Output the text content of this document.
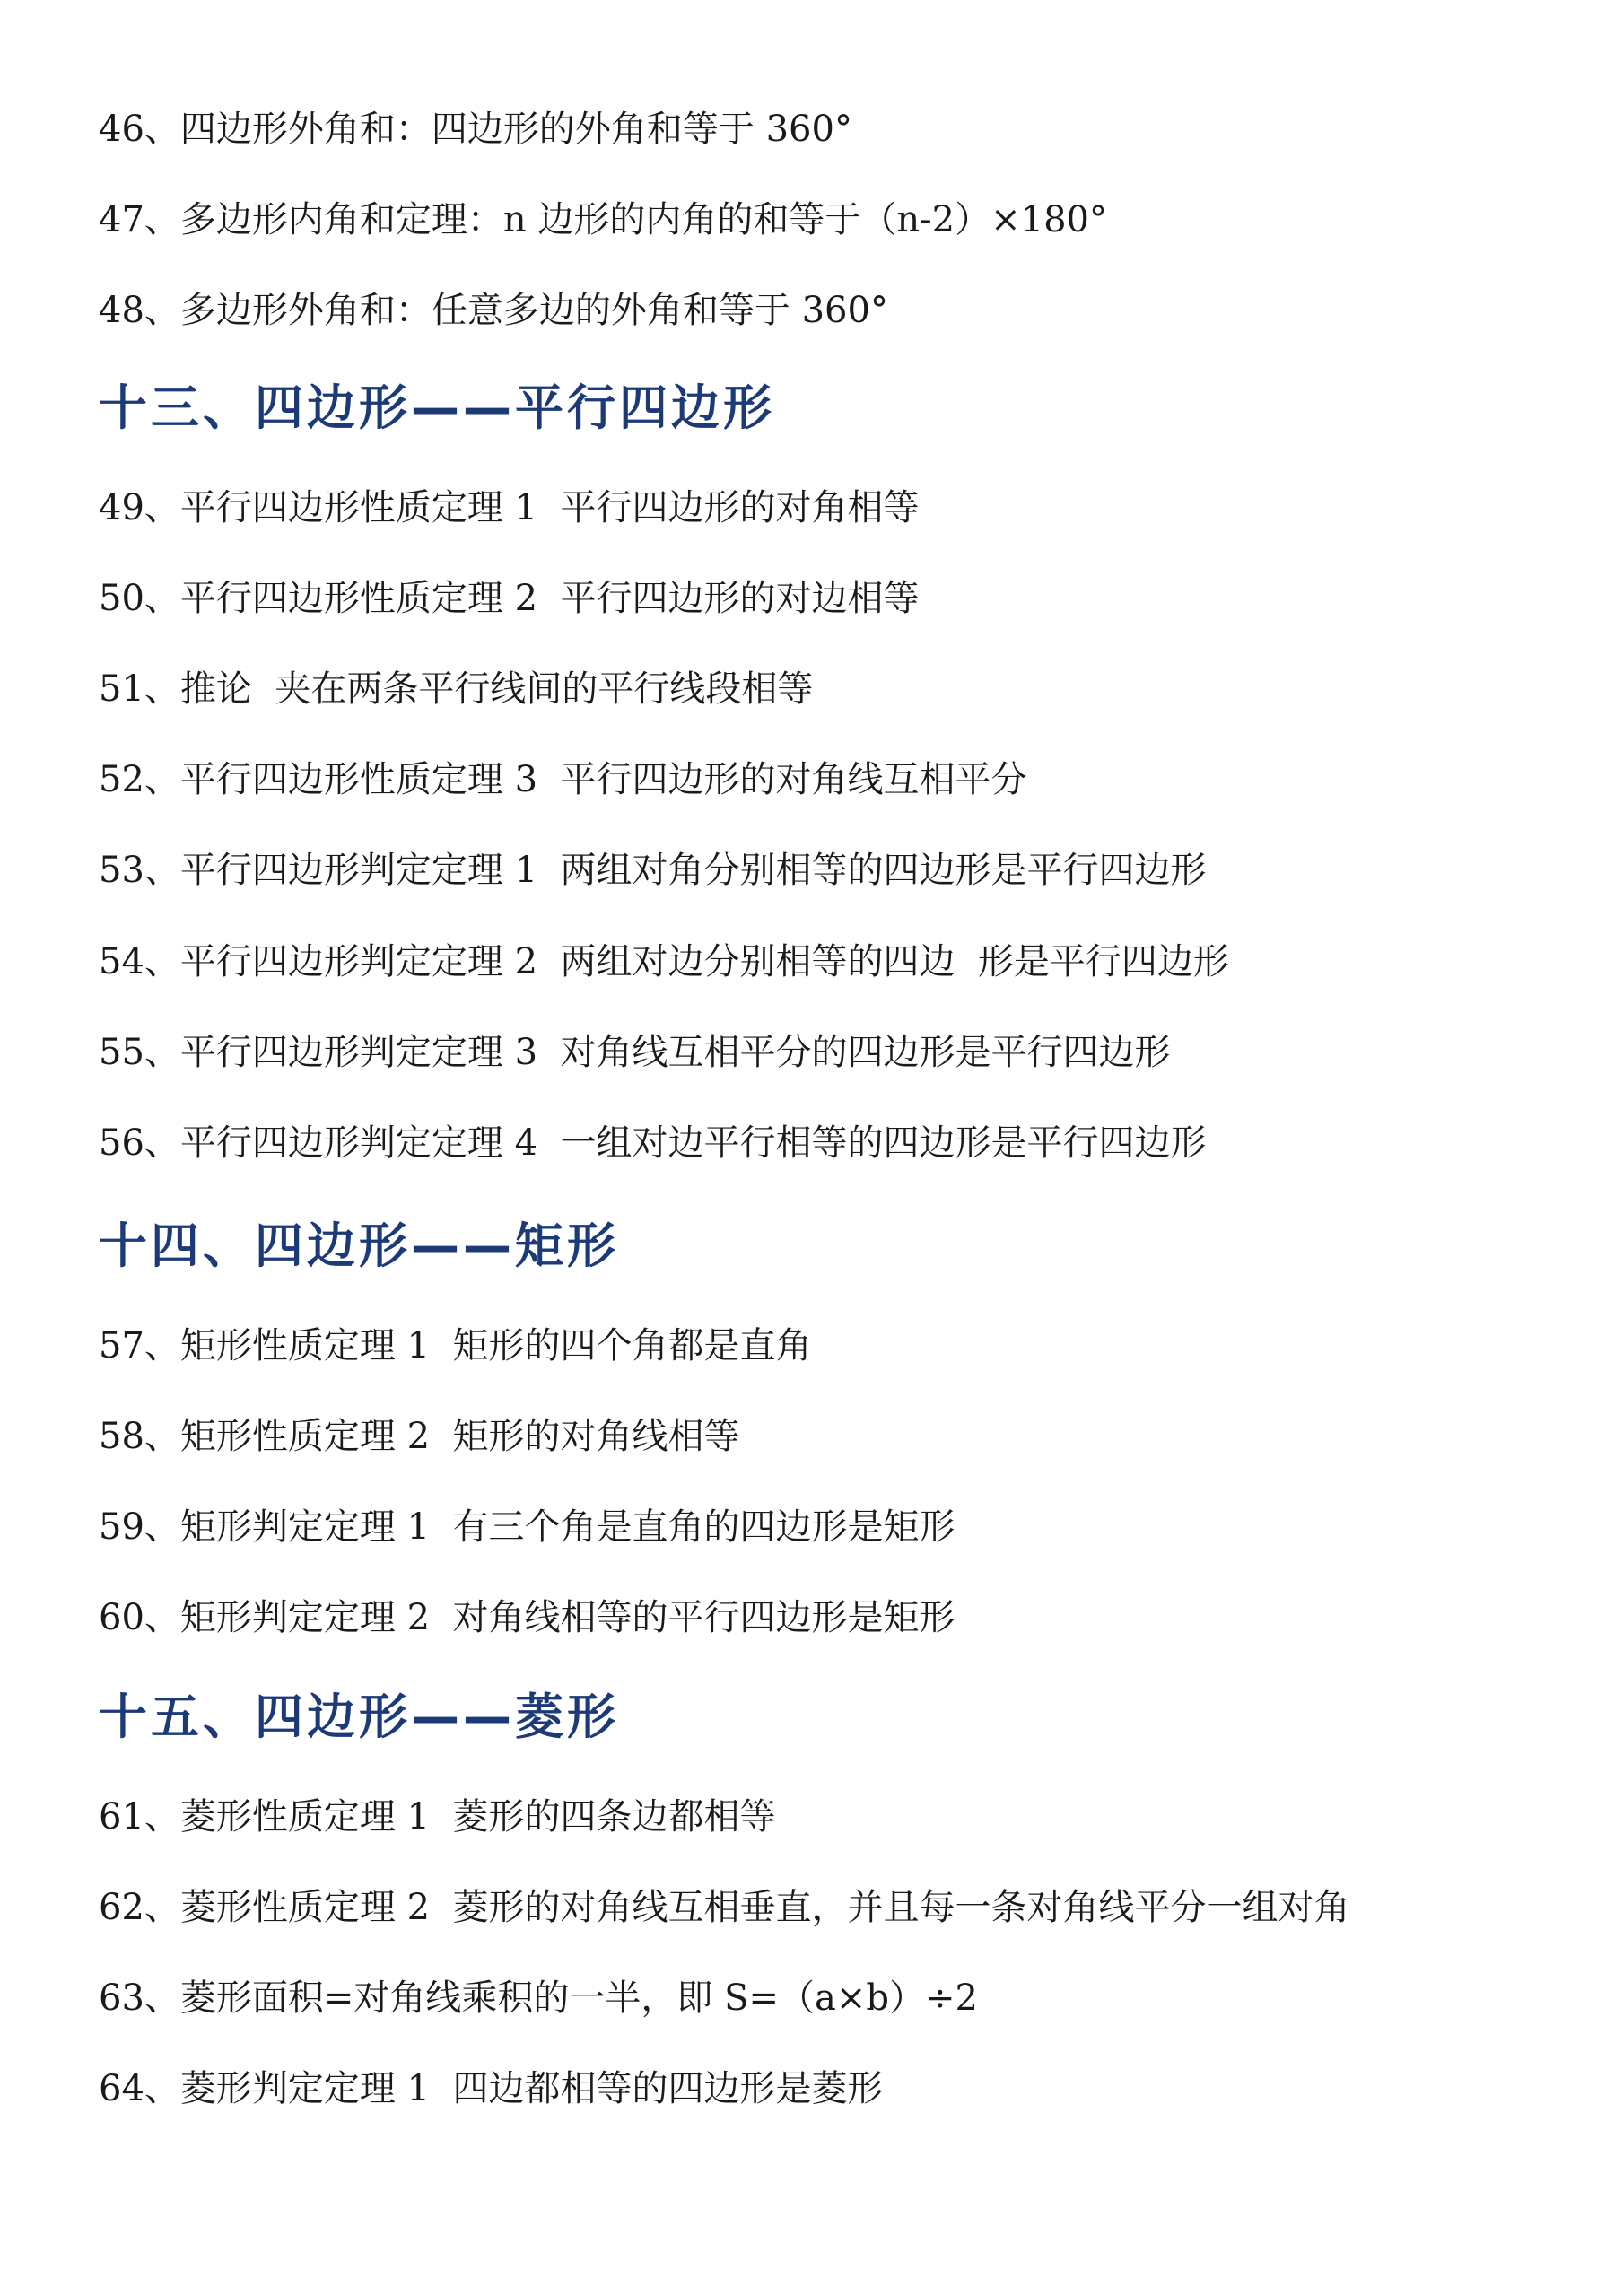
46、四边形外角和：四边形的外角和等于 360°
47、多边形内角和定理：n 边形的内角的和等于（n-2）×180°
48、多边形外角和：任意多边的外角和等于 360°
十三、四边形——平行四边形
49、平行四边形性质定理 1  平行四边形的对角相等
50、平行四边形性质定理 2  平行四边形的对边相等
51、推论  夹在两条平行线间的平行线段相等
52、平行四边形性质定理 3  平行四边形的对角线互相平分
53、平行四边形判定定理 1  两组对角分别相等的四边形是平行四边形
54、平行四边形判定定理 2  两组对边分别相等的四边  形是平行四边形
55、平行四边形判定定理 3  对角线互相平分的四边形是平行四边形
56、平行四边形判定定理 4  一组对边平行相等的四边形是平行四边形
十四、四边形——矩形
57、矩形性质定理 1  矩形的四个角都是直角
58、矩形性质定理 2  矩形的对角线相等
59、矩形判定定理 1  有三个角是直角的四边形是矩形
60、矩形判定定理 2  对角线相等的平行四边形是矩形
十五、四边形——菱形
61、菱形性质定理 1  菱形的四条边都相等
62、菱形性质定理 2  菱形的对角线互相垂直，并且每一条对角线平分一组对角
63、菱形面积=对角线乘积的一半，即 S=（a×b）÷2
64、菱形判定定理 1  四边都相等的四边形是菱形
